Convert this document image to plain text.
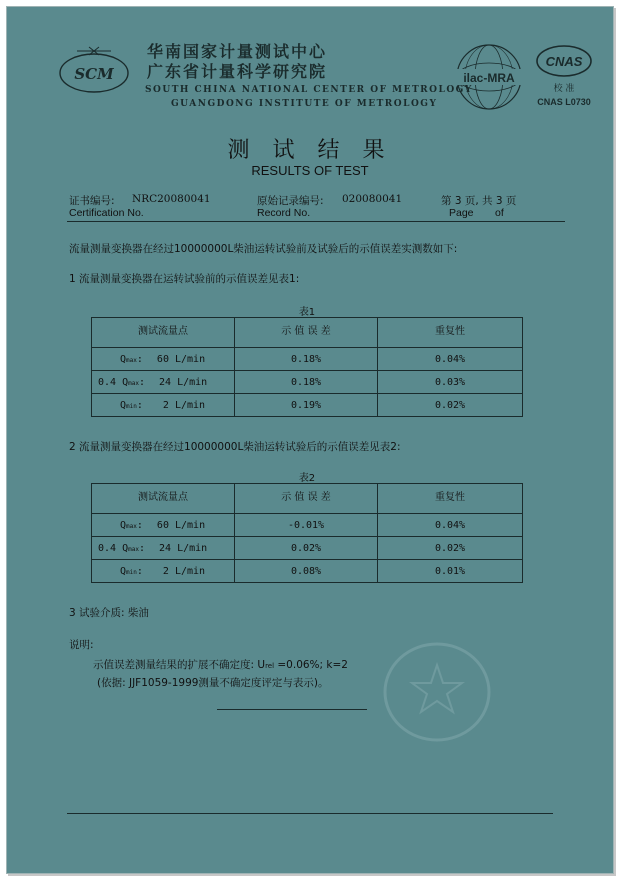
SCM
华南国家计量测试中心
广东省计量科学研究院
SOUTH CHINA NATIONAL CENTER OF METROLOGY
GUANGDONG INSTITUTE OF METROLOGY
ilac-MRA
CNAS
校 准
CNAS L0730
测 试 结 果
RESULTS OF TEST
证书编号: NRC20080041
Certification No.
原始记录编号: 020080041
Record No.
第 3 页, 共 3 页
Page of
流量测量变换器在经过10000000L柴油运转试验前及试验后的示值误差实测数如下:
1 流量测量变换器在运转试验前的示值误差见表1:
表1
测试流量点	示 值 误 差	重复性
Qmax: 60 L/min	0.18%	0.04%
0.4 Qmax: 24 L/min	0.18%	0.03%
Qmin: 2 L/min	0.19%	0.02%
2 流量测量变换器在经过10000000L柴油运转试验后的示值误差见表2:
表2
测试流量点	示 值 误 差	重复性
Qmax: 60 L/min	-0.01%	0.04%
0.4 Qmax: 24 L/min	0.02%	0.02%
Qmin: 2 L/min	0.08%	0.01%
3 试验介质: 柴油
说明:
示值误差测量结果的扩展不确定度: Urel =0.06%; k=2
(依据: JJF1059-1999测量不确定度评定与表示)。
